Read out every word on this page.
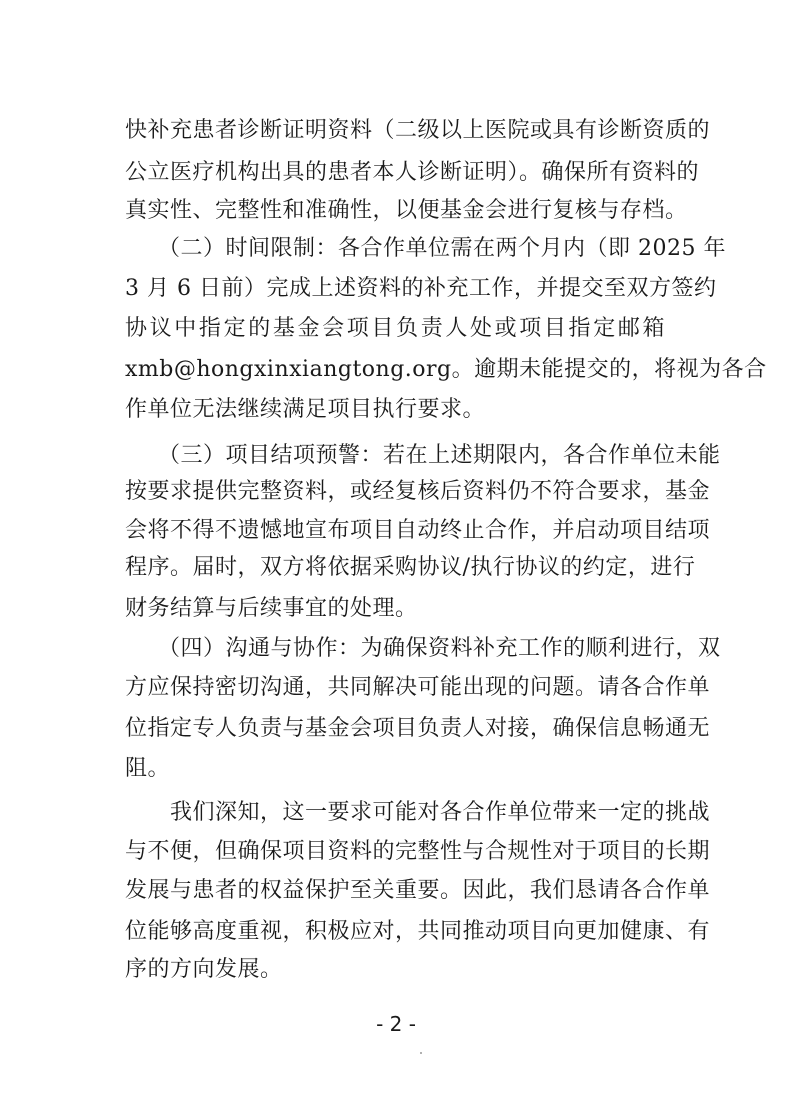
快补充患者诊断证明资料（二级以上医院或具有诊断资质的
公立医疗机构出具的患者本人诊断证明）。确保所有资料的
真实性、完整性和准确性，以便基金会进行复核与存档。
（二）时间限制：各合作单位需在两个月内（即 2025 年
3 月 6 日前）完成上述资料的补充工作，并提交至双方签约
协议中指定的基金会项目负责人处或项目指定邮箱
xmb@hongxinxiangtong.org。逾期未能提交的，将视为各合
作单位无法继续满足项目执行要求。
（三）项目结项预警：若在上述期限内，各合作单位未能
按要求提供完整资料，或经复核后资料仍不符合要求，基金
会将不得不遗憾地宣布项目自动终止合作，并启动项目结项
程序。届时，双方将依据采购协议/执行协议的约定，进行
财务结算与后续事宜的处理。
（四）沟通与协作：为确保资料补充工作的顺利进行，双
方应保持密切沟通，共同解决可能出现的问题。请各合作单
位指定专人负责与基金会项目负责人对接，确保信息畅通无
阻。
我们深知，这一要求可能对各合作单位带来一定的挑战
与不便，但确保项目资料的完整性与合规性对于项目的长期
发展与患者的权益保护至关重要。因此，我们恳请各合作单
位能够高度重视，积极应对，共同推动项目向更加健康、有
序的方向发展。
- 2 -
